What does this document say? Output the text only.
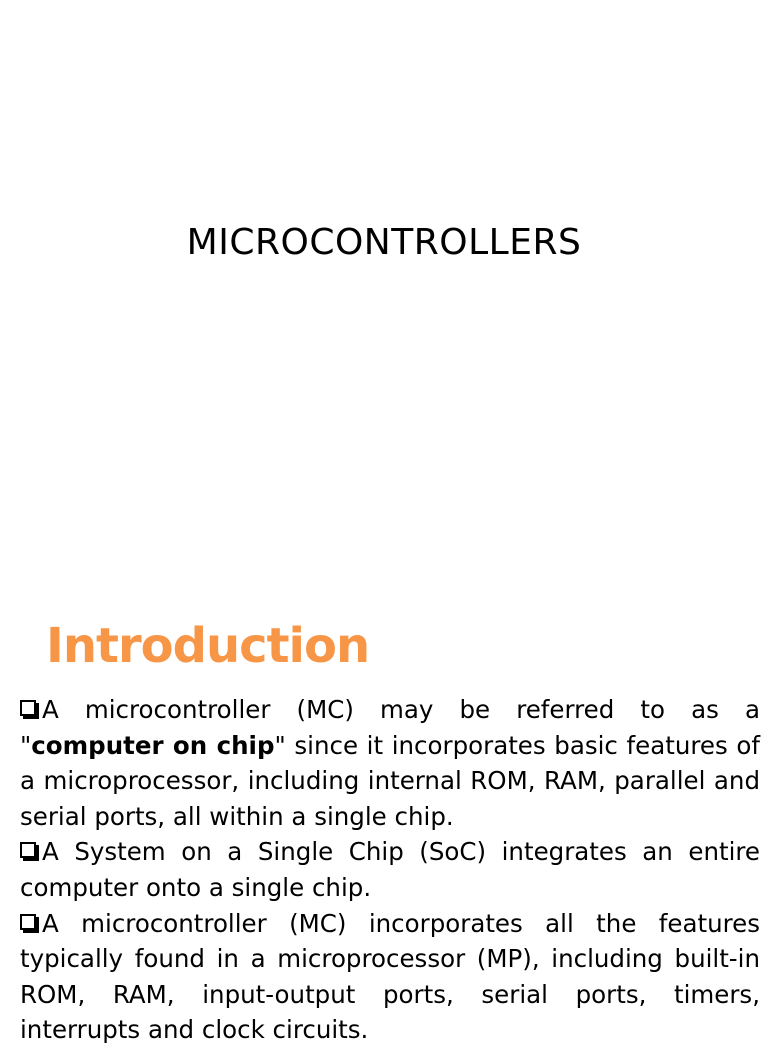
MICROCONTROLLERS
Introduction

A microcontroller (MC) may be referred to as a "computer on chip" since it incorporates basic features of a microprocessor, including internal ROM, RAM, parallel and serial ports, all within a single chip.

A System on a Single Chip (SoC) integrates an entire computer onto a single chip.

A microcontroller (MC) incorporates all the features typically found in a microprocessor (MP), including built-in ROM, RAM, input-output ports, serial ports, timers, interrupts and clock circuits.
